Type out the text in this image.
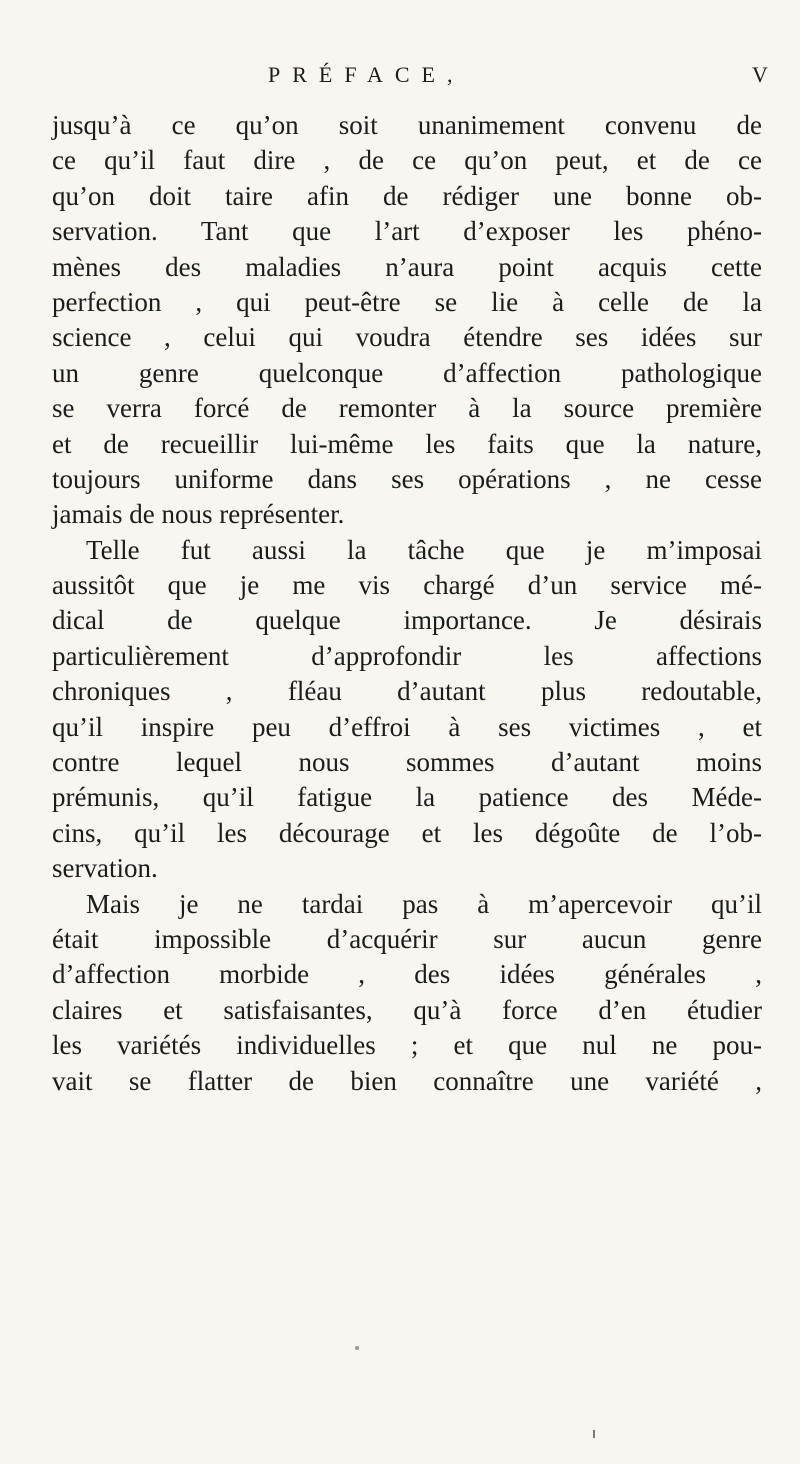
PRÉFACE,	V
jusqu’à ce qu’on soit unanimement convenu de
ce qu’il faut dire , de ce qu’on peut, et de ce
qu’on doit taire afin de rédiger une bonne ob-
servation. Tant que l’art d’exposer les phéno-
mènes des maladies n’aura point acquis cette
perfection , qui peut-être se lie à celle de la
science , celui qui voudra étendre ses idées sur
un genre quelconque d’affection pathologique
se verra forcé de remonter à la source première
et de recueillir lui-même les faits que la nature,
toujours uniforme dans ses opérations , ne cesse
jamais de nous représenter.
Telle fut aussi la tâche que je m’imposai
aussitôt que je me vis chargé d’un service mé-
dical de quelque importance. Je désirais
particulièrement d’approfondir les affections
chroniques , fléau d’autant plus redoutable,
qu’il inspire peu d’effroi à ses victimes , et
contre lequel nous sommes d’autant moins
prémunis, qu’il fatigue la patience des Méde-
cins, qu’il les décourage et les dégoûte de l’ob-
servation.
Mais je ne tardai pas à m’apercevoir qu’il
était impossible d’acquérir sur aucun genre
d’affection morbide , des idées générales ,
claires et satisfaisantes, qu’à force d’en étudier
les variétés individuelles ; et que nul ne pou-
vait se flatter de bien connaître une variété ,
